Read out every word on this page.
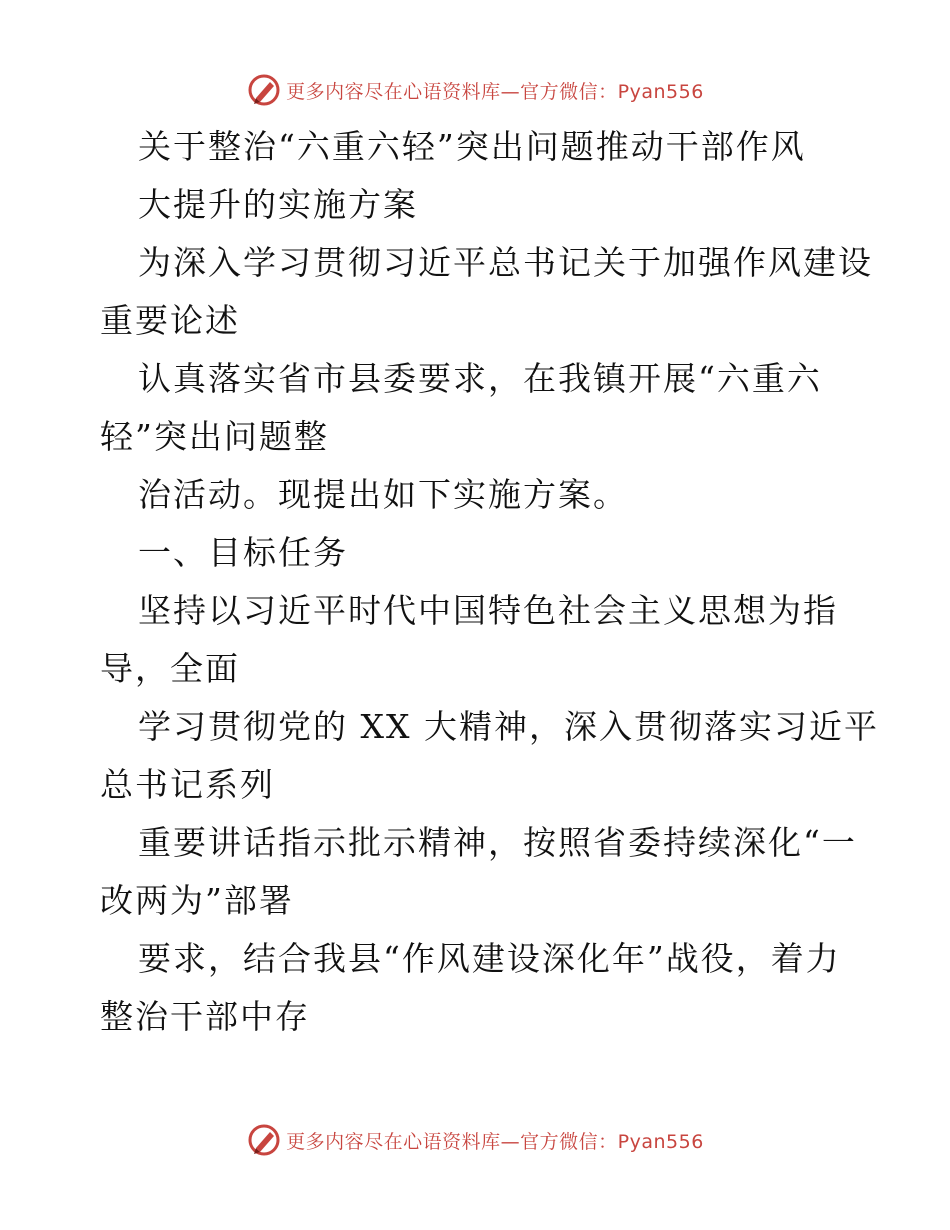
更多内容尽在心语资料库—官方微信：Pyan556
关于整治“六重六轻”突出问题推动干部作风
大提升的实施方案
为深入学习贯彻习近平总书记关于加强作风建设
重要论述
认真落实省市县委要求，在我镇开展“六重六
轻”突出问题整
治活动。现提出如下实施方案。
一、目标任务
坚持以习近平时代中国特色社会主义思想为指
导，全面
学习贯彻党的 XX 大精神，深入贯彻落实习近平
总书记系列
重要讲话指示批示精神，按照省委持续深化“一
改两为”部署
要求，结合我县“作风建设深化年”战役，着力
整治干部中存
更多内容尽在心语资料库—官方微信：Pyan556
